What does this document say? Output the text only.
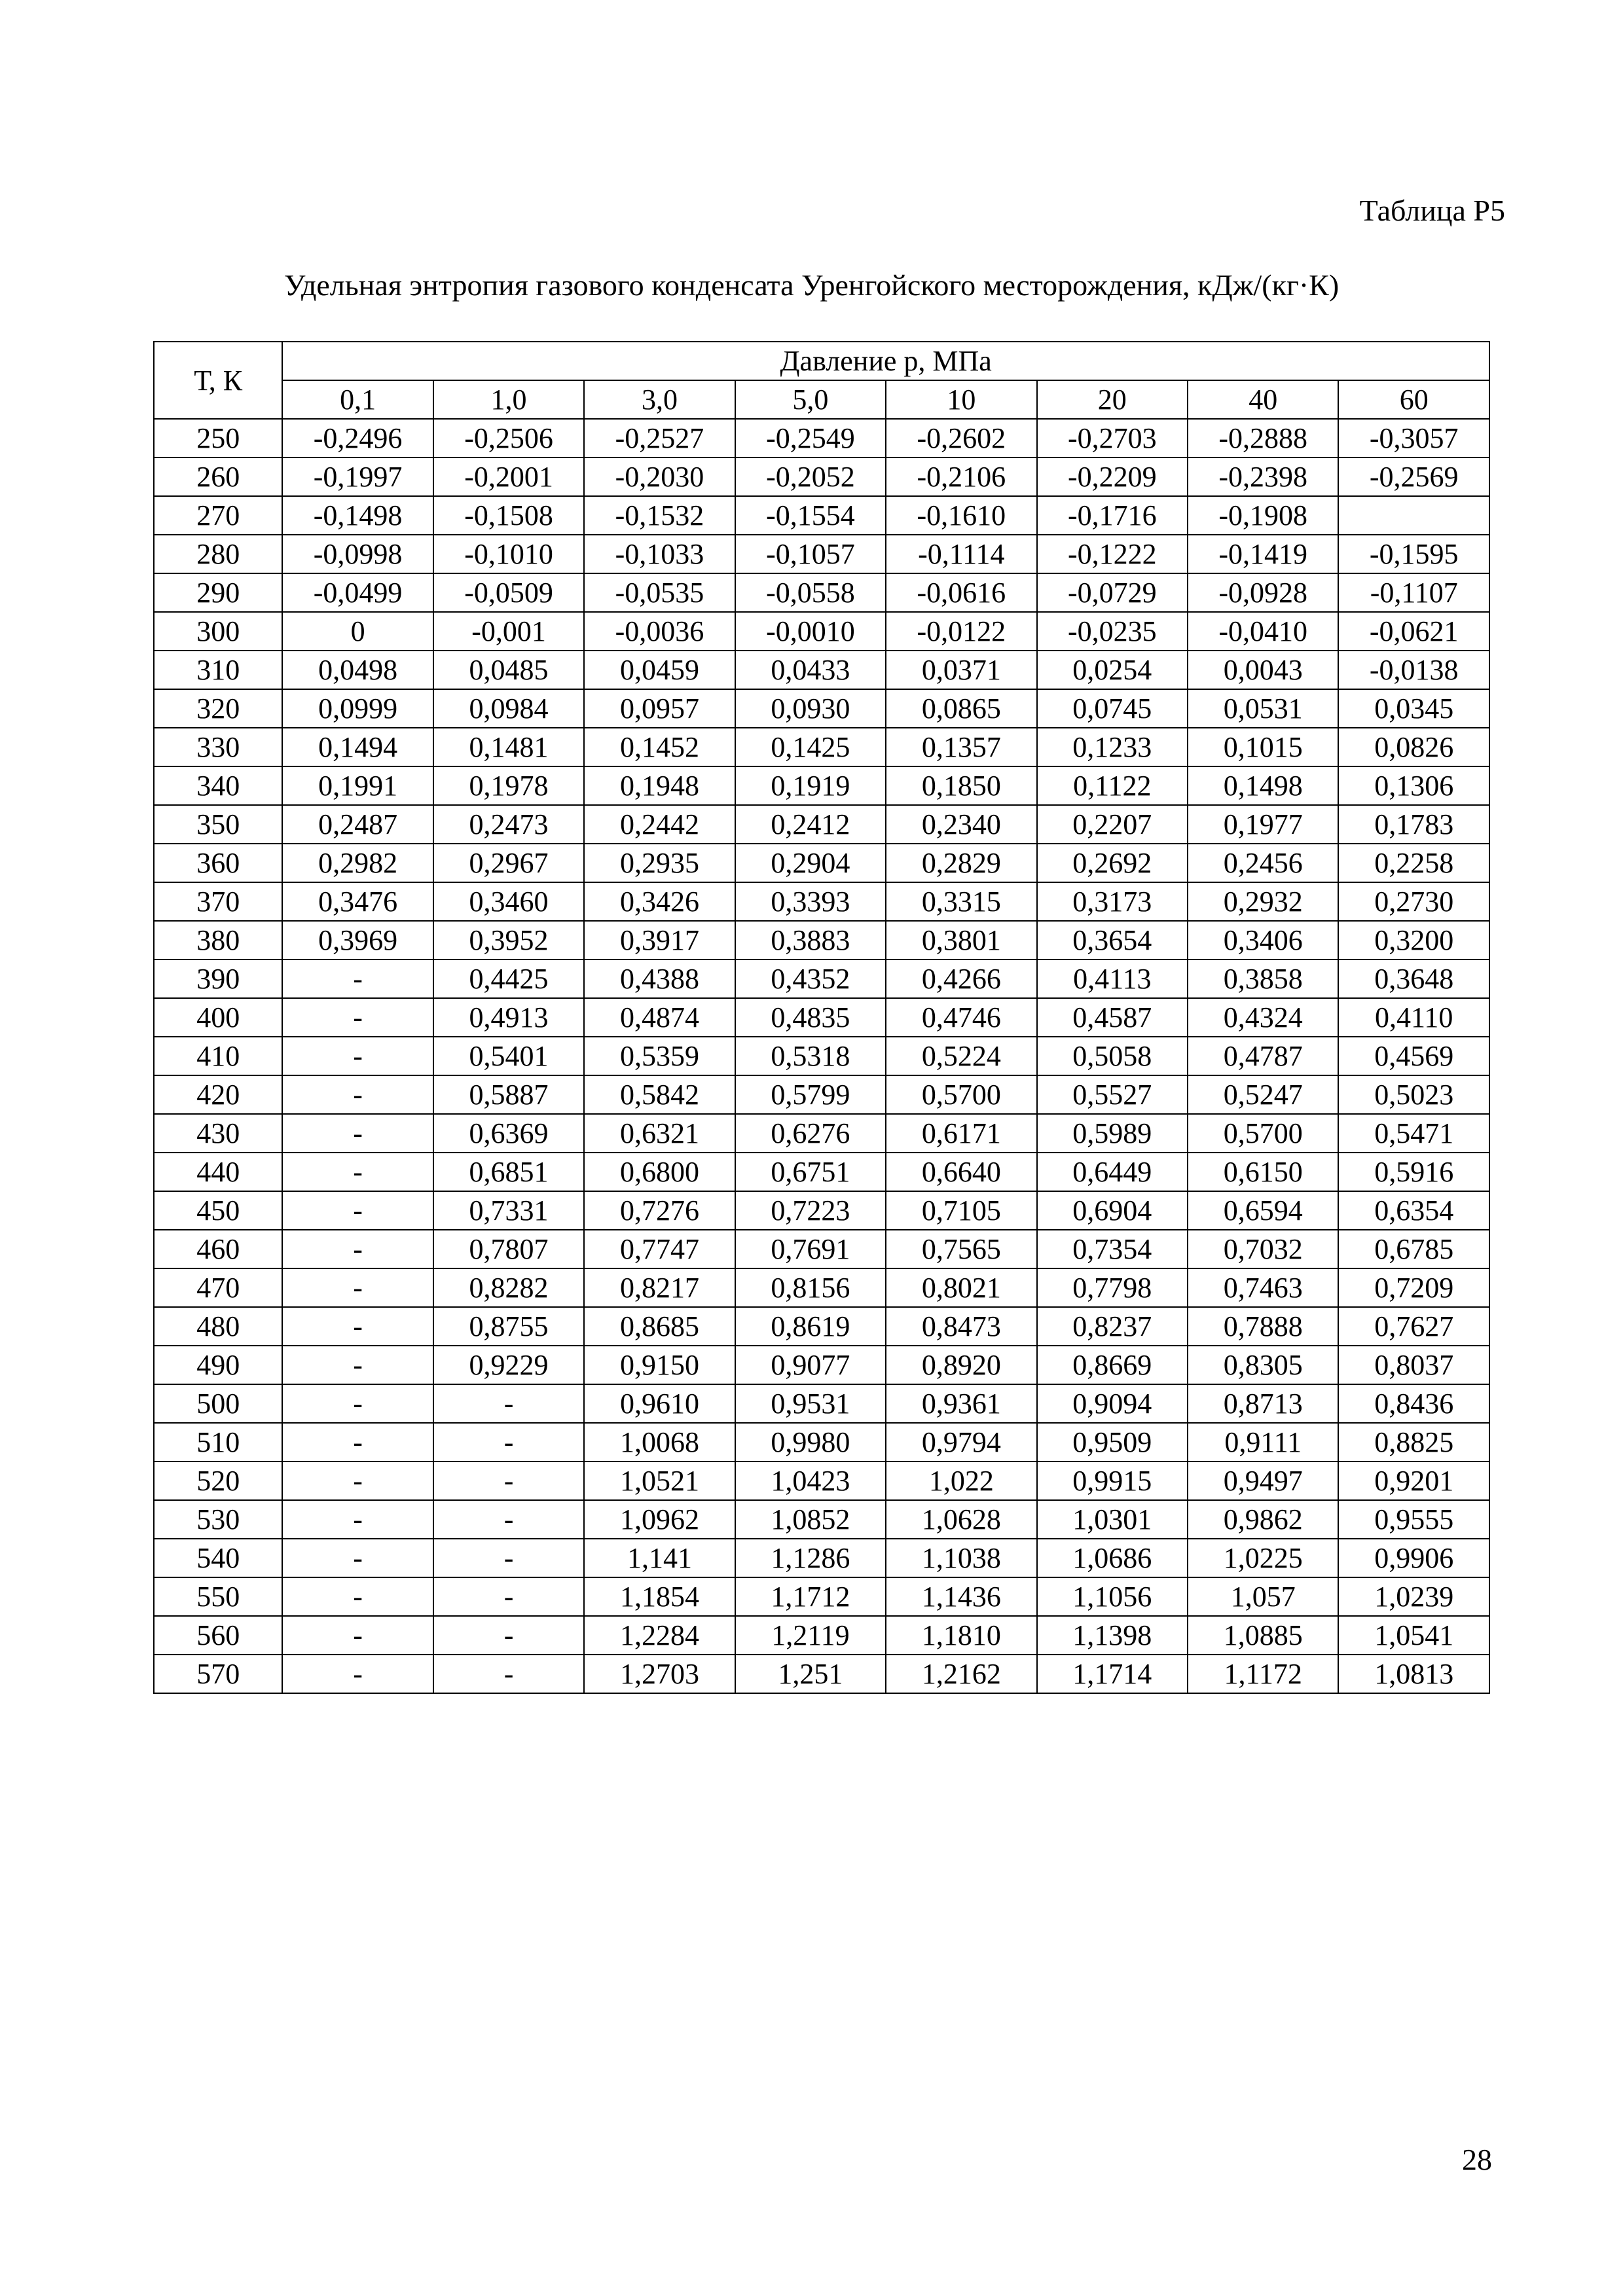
Таблица Р5
Удельная энтропия газового конденсата Уренгойского месторождения, кДж/(кг·К)
Т, К	Давление р, МПа							
	0,1	1,0	3,0	5,0	10	20	40	60
250	-0,2496	-0,2506	-0,2527	-0,2549	-0,2602	-0,2703	-0,2888	-0,3057
260	-0,1997	-0,2001	-0,2030	-0,2052	-0,2106	-0,2209	-0,2398	-0,2569
270	-0,1498	-0,1508	-0,1532	-0,1554	-0,1610	-0,1716	-0,1908	
280	-0,0998	-0,1010	-0,1033	-0,1057	-0,1114	-0,1222	-0,1419	-0,1595
290	-0,0499	-0,0509	-0,0535	-0,0558	-0,0616	-0,0729	-0,0928	-0,1107
300	0	-0,001	-0,0036	-0,0010	-0,0122	-0,0235	-0,0410	-0,0621
310	0,0498	0,0485	0,0459	0,0433	0,0371	0,0254	0,0043	-0,0138
320	0,0999	0,0984	0,0957	0,0930	0,0865	0,0745	0,0531	0,0345
330	0,1494	0,1481	0,1452	0,1425	0,1357	0,1233	0,1015	0,0826
340	0,1991	0,1978	0,1948	0,1919	0,1850	0,1122	0,1498	0,1306
350	0,2487	0,2473	0,2442	0,2412	0,2340	0,2207	0,1977	0,1783
360	0,2982	0,2967	0,2935	0,2904	0,2829	0,2692	0,2456	0,2258
370	0,3476	0,3460	0,3426	0,3393	0,3315	0,3173	0,2932	0,2730
380	0,3969	0,3952	0,3917	0,3883	0,3801	0,3654	0,3406	0,3200
390	-	0,4425	0,4388	0,4352	0,4266	0,4113	0,3858	0,3648
400	-	0,4913	0,4874	0,4835	0,4746	0,4587	0,4324	0,4110
410	-	0,5401	0,5359	0,5318	0,5224	0,5058	0,4787	0,4569
420	-	0,5887	0,5842	0,5799	0,5700	0,5527	0,5247	0,5023
430	-	0,6369	0,6321	0,6276	0,6171	0,5989	0,5700	0,5471
440	-	0,6851	0,6800	0,6751	0,6640	0,6449	0,6150	0,5916
450	-	0,7331	0,7276	0,7223	0,7105	0,6904	0,6594	0,6354
460	-	0,7807	0,7747	0,7691	0,7565	0,7354	0,7032	0,6785
470	-	0,8282	0,8217	0,8156	0,8021	0,7798	0,7463	0,7209
480	-	0,8755	0,8685	0,8619	0,8473	0,8237	0,7888	0,7627
490	-	0,9229	0,9150	0,9077	0,8920	0,8669	0,8305	0,8037
500	-	-	0,9610	0,9531	0,9361	0,9094	0,8713	0,8436
510	-	-	1,0068	0,9980	0,9794	0,9509	0,9111	0,8825
520	-	-	1,0521	1,0423	1,022	0,9915	0,9497	0,9201
530	-	-	1,0962	1,0852	1,0628	1,0301	0,9862	0,9555
540	-	-	1,141	1,1286	1,1038	1,0686	1,0225	0,9906
550	-	-	1,1854	1,1712	1,1436	1,1056	1,057	1,0239
560	-	-	1,2284	1,2119	1,1810	1,1398	1,0885	1,0541
570	-	-	1,2703	1,251	1,2162	1,1714	1,1172	1,0813
28
